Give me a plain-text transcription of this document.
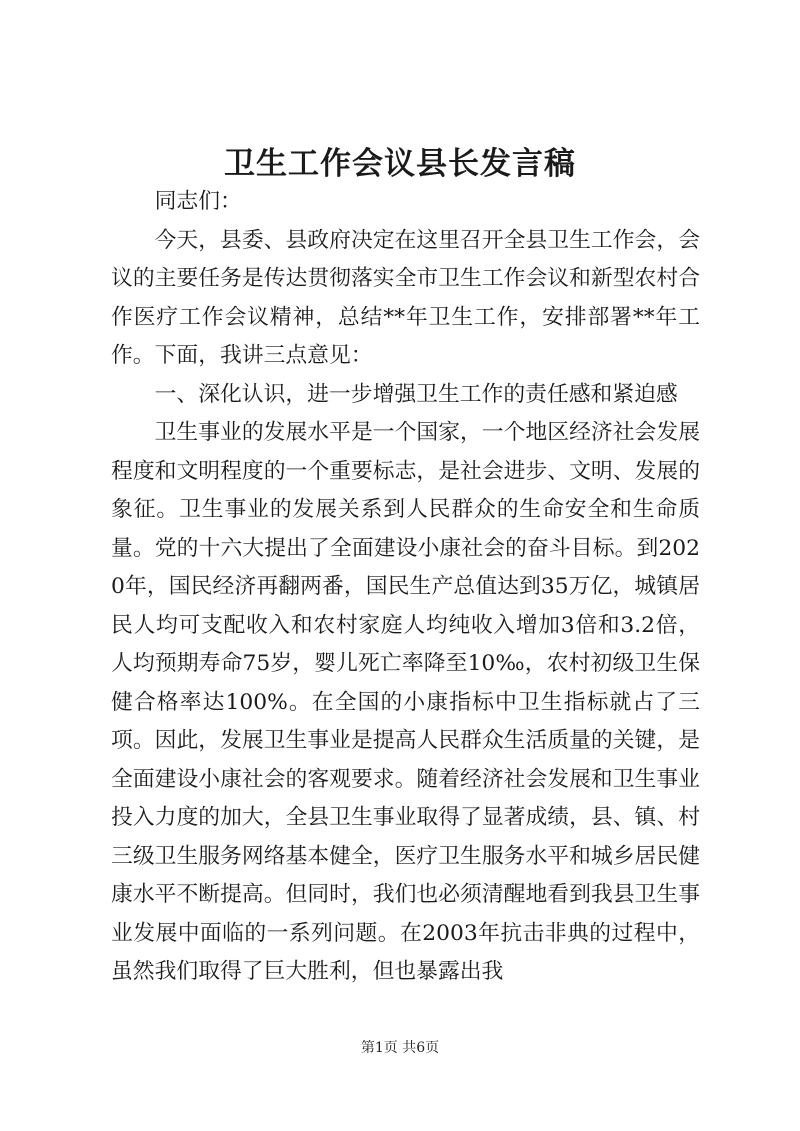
卫生工作会议县长发言稿

同志们：

今天，县委、县政府决定在这里召开全县卫生工作会，会议的主要任务是传达贯彻落实全市卫生工作会议和新型农村合作医疗工作会议精神，总结**年卫生工作，安排部署**年工作。下面，我讲三点意见：

一、深化认识，进一步增强卫生工作的责任感和紧迫感

卫生事业的发展水平是一个国家，一个地区经济社会发展程度和文明程度的一个重要标志，是社会进步、文明、发展的象征。卫生事业的发展关系到人民群众的生命安全和生命质量。党的十六大提出了全面建设小康社会的奋斗目标。到2020年，国民经济再翻两番，国民生产总值达到35万亿，城镇居民人均可支配收入和农村家庭人均纯收入增加3倍和3.2倍，人均预期寿命75岁，婴儿死亡率降至10‰，农村初级卫生保健合格率达100%。在全国的小康指标中卫生指标就占了三项。因此，发展卫生事业是提高人民群众生活质量的关键，是全面建设小康社会的客观要求。随着经济社会发展和卫生事业投入力度的加大，全县卫生事业取得了显著成绩，县、镇、村三级卫生服务网络基本健全，医疗卫生服务水平和城乡居民健康水平不断提高。但同时，我们也必须清醒地看到我县卫生事业发展中面临的一系列问题。在2003年抗击非典的过程中，虽然我们取得了巨大胜利，但也暴露出我

第1页 共6页
